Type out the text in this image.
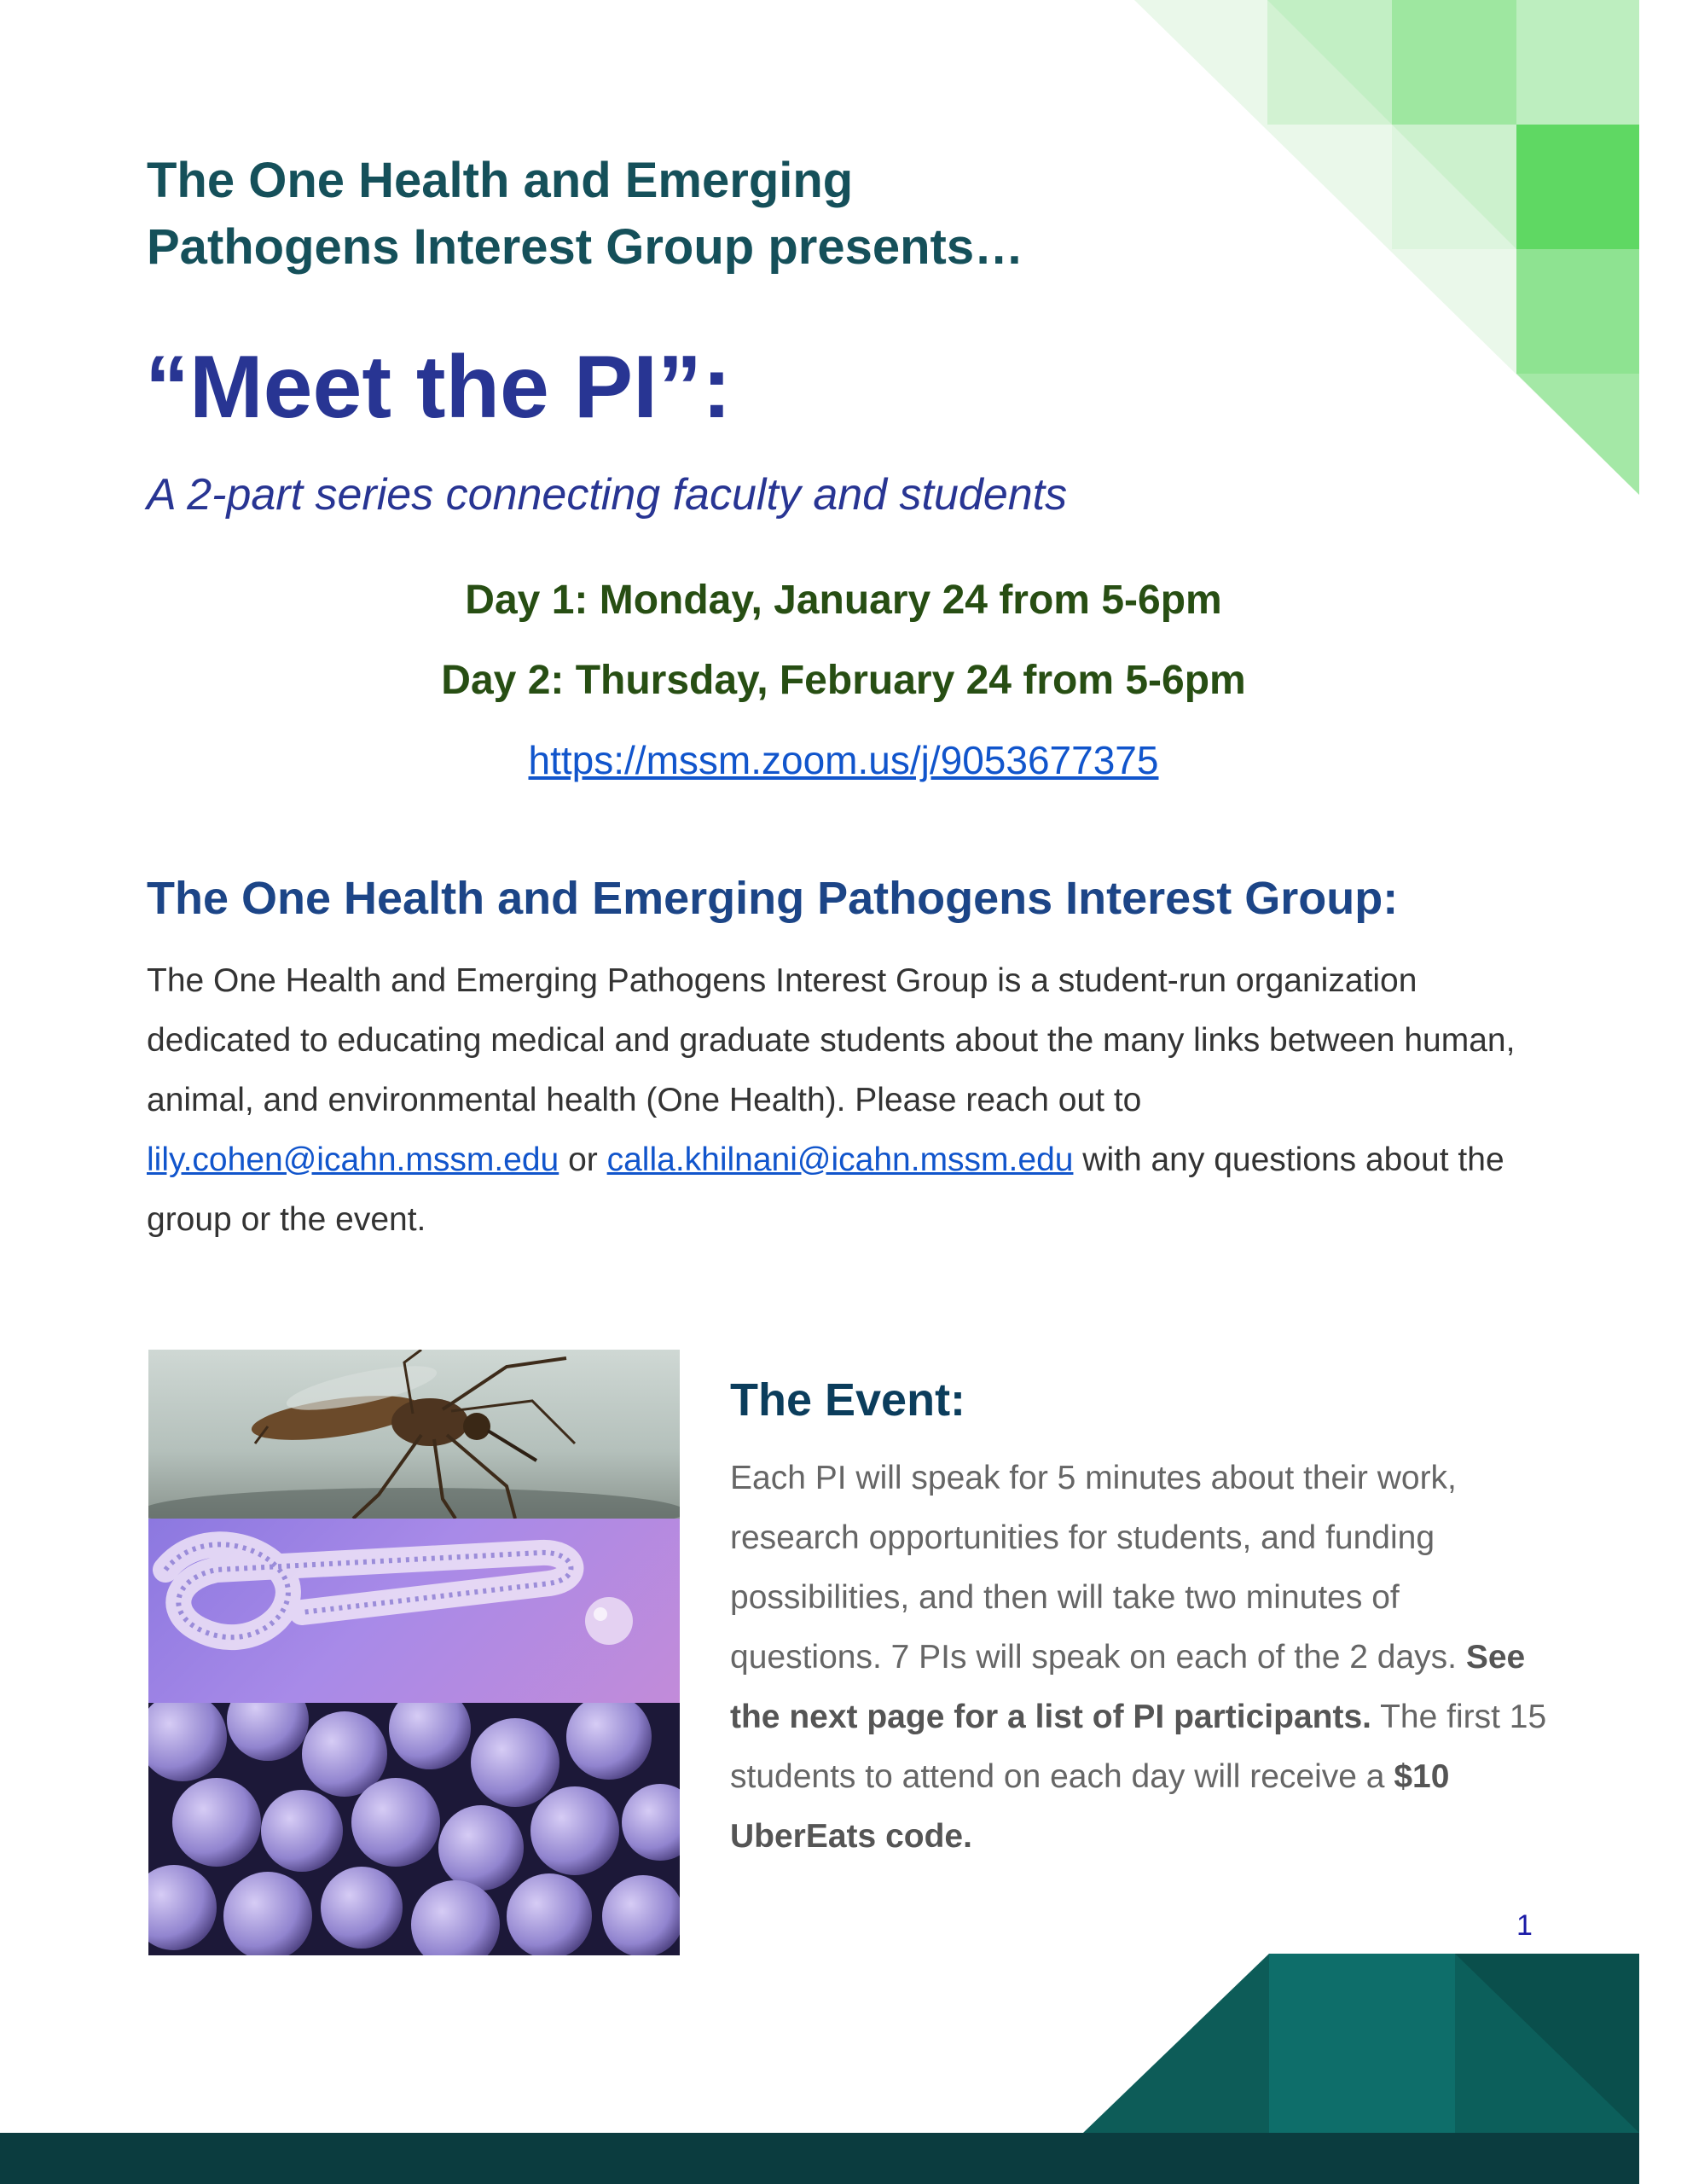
The One Health and Emerging
Pathogens Interest Group presents…
“Meet the PI”:
A 2-part series connecting faculty and students
Day 1: Monday, January 24 from 5-6pm
Day 2: Thursday, February 24 from 5-6pm
https://mssm.zoom.us/j/9053677375
The One Health and Emerging Pathogens Interest Group:
The One Health and Emerging Pathogens Interest Group is a student-run organization dedicated to educating medical and graduate students about the many links between human, animal, and environmental health (One Health). Please reach out to lily.cohen@icahn.mssm.edu or calla.khilnani@icahn.mssm.edu with any questions about the group or the event.
The Event:
Each PI will speak for 5 minutes about their work, research opportunities for students, and funding possibilities, and then will take two minutes of questions. 7 PIs will speak on each of the 2 days. See the next page for a list of PI participants. The first 15 students to attend on each day will receive a $10 UberEats code.
1
